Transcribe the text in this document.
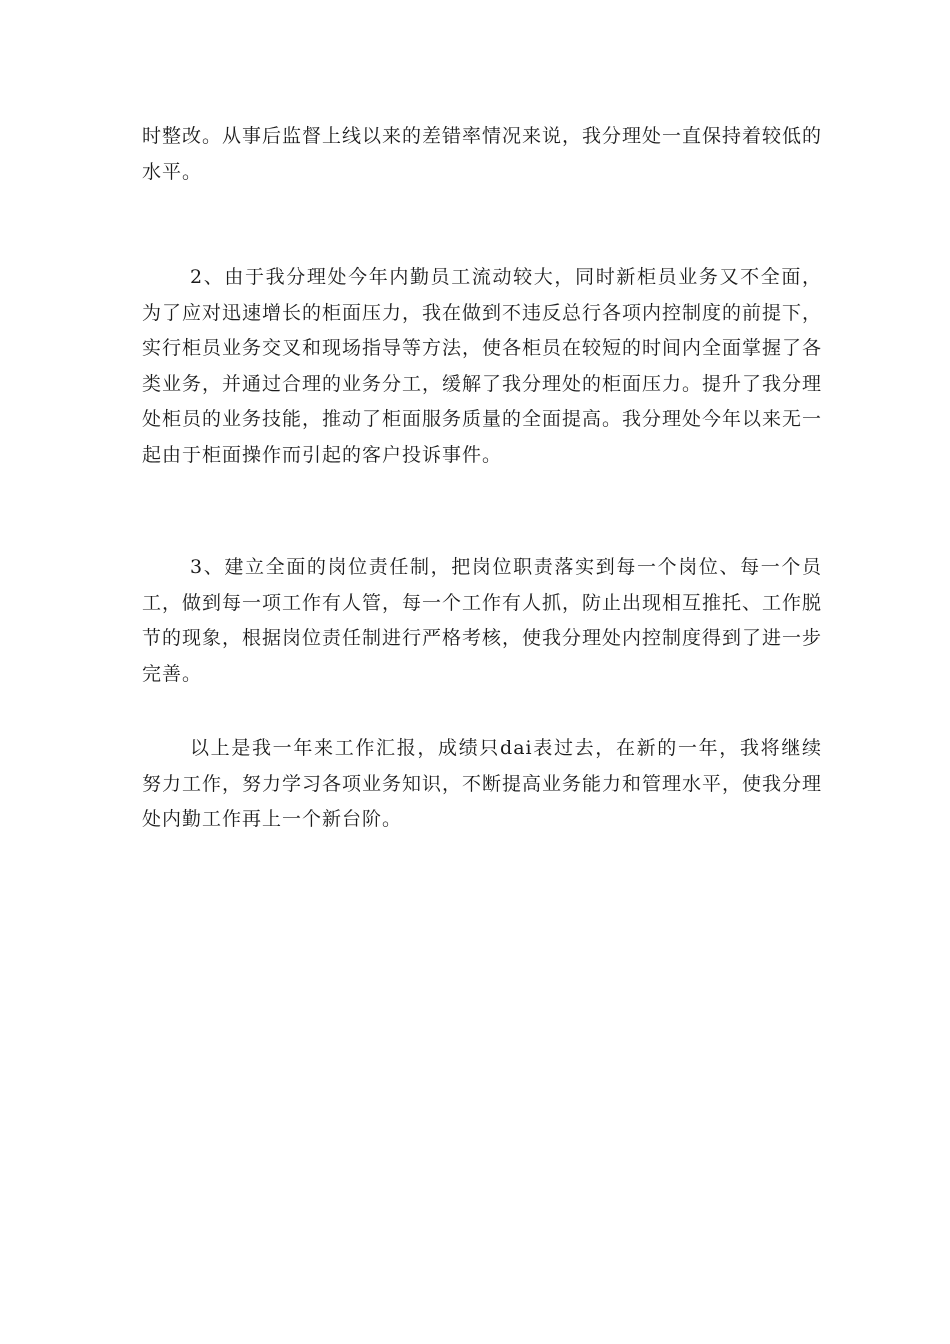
时整改。从事后监督上线以来的差错率情况来说，我分理处一直保持着较低的水平。

2、由于我分理处今年内勤员工流动较大，同时新柜员业务又不全面，为了应对迅速增长的柜面压力，我在做到不违反总行各项内控制度的前提下，实行柜员业务交叉和现场指导等方法，使各柜员在较短的时间内全面掌握了各类业务，并通过合理的业务分工，缓解了我分理处的柜面压力。提升了我分理处柜员的业务技能，推动了柜面服务质量的全面提高。我分理处今年以来无一起由于柜面操作而引起的客户投诉事件。

3、建立全面的岗位责任制，把岗位职责落实到每一个岗位、每一个员工，做到每一项工作有人管，每一个工作有人抓，防止出现相互推托、工作脱节的现象，根据岗位责任制进行严格考核，使我分理处内控制度得到了进一步完善。

以上是我一年来工作汇报，成绩只dai表过去，在新的一年，我将继续努力工作，努力学习各项业务知识，不断提高业务能力和管理水平，使我分理处内勤工作再上一个新台阶。
